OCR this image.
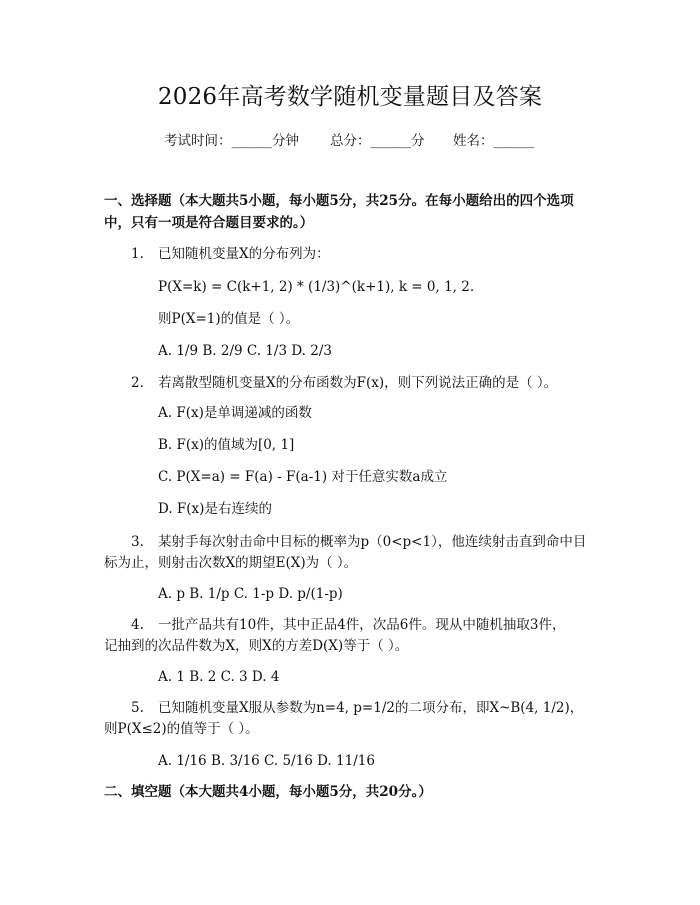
2026年高考数学随机变量题目及答案
考试时间：______分钟 总分：______分 姓名：______
一、选择题（本大题共5小题，每小题5分，共25分。在每小题给出的四个选项
中，只有一项是符合题目要求的。）
1. 已知随机变量X的分布列为：
P(X=k) = C(k+1, 2) * (1/3)^(k+1), k = 0, 1, 2.
则P(X=1)的值是（ ）。
A. 1/9 B. 2/9 C. 1/3 D. 2/3
2. 若离散型随机变量X的分布函数为F(x)，则下列说法正确的是（ ）。
A. F(x)是单调递减的函数
B. F(x)的值域为[0, 1]
C. P(X=a) = F(a) - F(a-1) 对于任意实数a成立
D. F(x)是右连续的
3. 某射手每次射击命中目标的概率为p（0<p<1），他连续射击直到命中目
标为止，则射击次数X的期望E(X)为（ ）。
A. p B. 1/p C. 1-p D. p/(1-p)
4. 一批产品共有10件，其中正品4件，次品6件。现从中随机抽取3件，
记抽到的次品件数为X，则X的方差D(X)等于（ ）。
A. 1 B. 2 C. 3 D. 4
5. 已知随机变量X服从参数为n=4, p=1/2的二项分布，即X~B(4, 1/2)，
则P(X≤2)的值等于（ ）。
A. 1/16 B. 3/16 C. 5/16 D. 11/16
二、填空题（本大题共4小题，每小题5分，共20分。）
